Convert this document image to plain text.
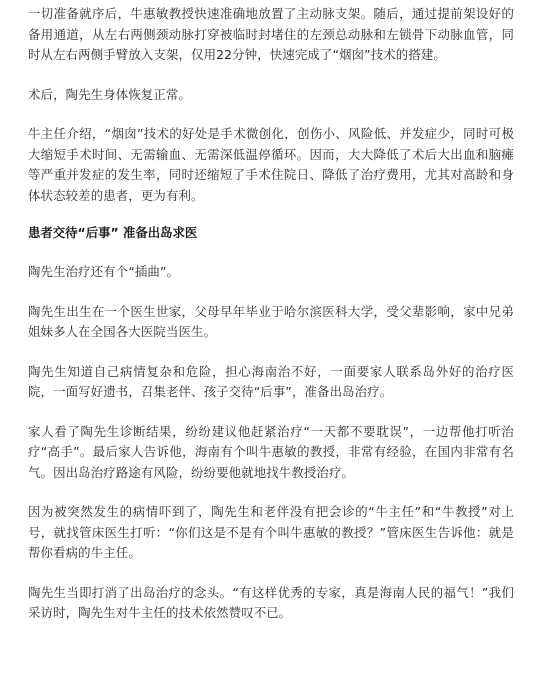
一切准备就序后，牛惠敏教授快速准确地放置了主动脉支架。随后，通过提前架设好的备用通道，从左右两侧颈动脉打穿被临时封堵住的左颈总动脉和左锁骨下动脉血管，同时从左右两侧手臂放入支架，仅用22分钟，快速完成了“烟囱”技术的搭建。

术后，陶先生身体恢复正常。

牛主任介绍，“烟囱”技术的好处是手术微创化，创伤小、风险低、并发症少，同时可极大缩短手术时间、无需输血、无需深低温停循环。因而，大大降低了术后大出血和脑瘫等严重并发症的发生率，同时还缩短了手术住院日、降低了治疗费用，尤其对高龄和身体状态较差的患者，更为有利。

患者交待“后事” 准备出岛求医

陶先生治疗还有个“插曲”。

陶先生出生在一个医生世家，父母早年毕业于哈尔滨医科大学，受父辈影响，家中兄弟姐妹多人在全国各大医院当医生。

陶先生知道自己病情复杂和危险，担心海南治不好，一面要家人联系岛外好的治疗医院，一面写好遗书，召集老伴、孩子交待“后事”，准备出岛治疗。

家人看了陶先生诊断结果，纷纷建议他赶紧治疗“一天都不要耽误”，一边帮他打听治疗“高手”。最后家人告诉他，海南有个叫牛惠敏的教授，非常有经验，在国内非常有名气。因出岛治疗路途有风险，纷纷要他就地找牛教授治疗。

因为被突然发生的病情吓到了，陶先生和老伴没有把会诊的“牛主任”和“牛教授”对上号，就找管床医生打听：“你们这是不是有个叫牛惠敏的教授？”管床医生告诉他：就是帮你看病的牛主任。

陶先生当即打消了出岛治疗的念头。“有这样优秀的专家，真是海南人民的福气！”我们采访时，陶先生对牛主任的技术依然赞叹不已。
